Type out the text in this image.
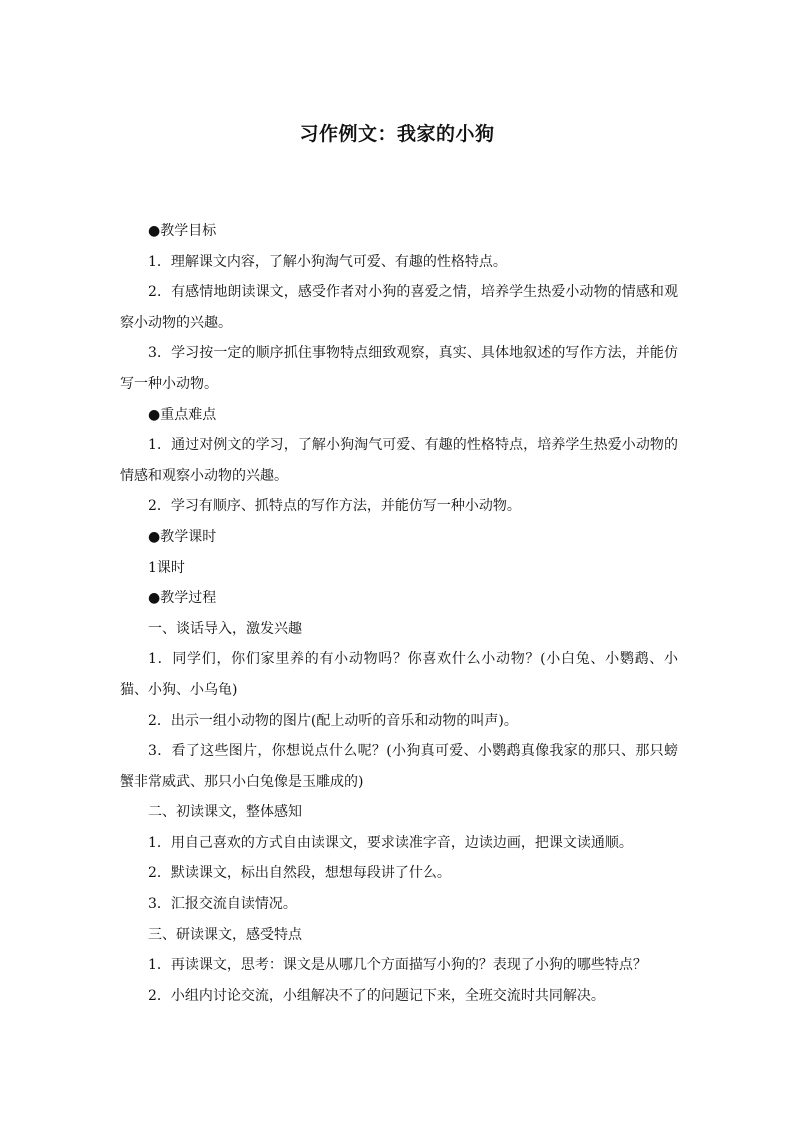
习作例文：我家的小狗

●教学目标

1．理解课文内容，了解小狗淘气可爱、有趣的性格特点。

2．有感情地朗读课文，感受作者对小狗的喜爱之情，培养学生热爱小动物的情感和观察小动物的兴趣。

3．学习按一定的顺序抓住事物特点细致观察，真实、具体地叙述的写作方法，并能仿写一种小动物。

●重点难点

1．通过对例文的学习，了解小狗淘气可爱、有趣的性格特点，培养学生热爱小动物的情感和观察小动物的兴趣。

2．学习有顺序、抓特点的写作方法，并能仿写一种小动物。

●教学课时

1课时

●教学过程

一、谈话导入，激发兴趣

1．同学们，你们家里养的有小动物吗？你喜欢什么小动物？(小白兔、小鹦鹉、小猫、小狗、小乌龟)

2．出示一组小动物的图片(配上动听的音乐和动物的叫声)。

3．看了这些图片，你想说点什么呢？(小狗真可爱、小鹦鹉真像我家的那只、那只螃蟹非常威武、那只小白兔像是玉雕成的)

二、初读课文，整体感知

1．用自己喜欢的方式自由读课文，要求读准字音，边读边画，把课文读通顺。

2．默读课文，标出自然段，想想每段讲了什么。

3．汇报交流自读情况。

三、研读课文，感受特点

1．再读课文，思考：课文是从哪几个方面描写小狗的？表现了小狗的哪些特点？

2．小组内讨论交流，小组解决不了的问题记下来，全班交流时共同解决。
